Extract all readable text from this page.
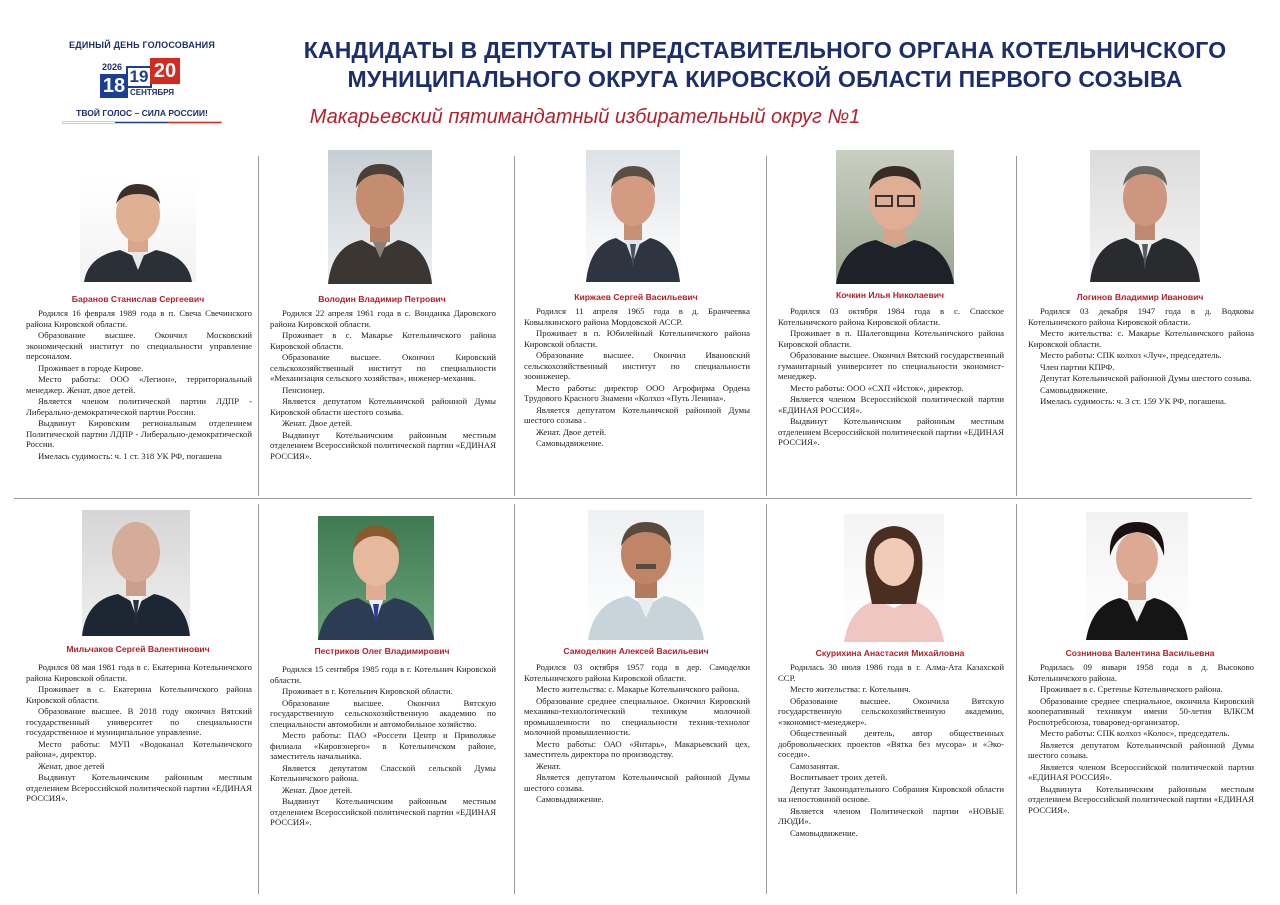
ЕДИНЫЙ ДЕНЬ ГОЛОСОВАНИЯ
2026
18 19 20
СЕНТЯБРЯ
ТВОЙ ГОЛОС – СИЛА РОССИИ!
КАНДИДАТЫ В ДЕПУТАТЫ ПРЕДСТАВИТЕЛЬНОГО ОРГАНА КОТЕЛЬНИЧСКОГО
МУНИЦИПАЛЬНОГО ОКРУГА КИРОВСКОЙ ОБЛАСТИ ПЕРВОГО СОЗЫВА
Макарьевский пятимандатный избирательный округ №1
Баранов Станислав Сергеевич

Родился 16 февраля 1989 года в п. Свеча Свечинского района Кировской области.

Образование высшее. Окончил Московский экономический институт по специальности управление персоналом.

Проживает в городе Кирове.

Место работы: ООО «Легион», территориальный менеджер. Женат, двое детей.

Является членом политической партии ЛДПР - Либерально-демократической партии России.

Выдвинут Кировским региональным отделением Политической партии ЛДПР - Либерально-демократической России.

Имелась судимость: ч. 1 ст. 318 УК РФ, погашена

Володин Владимир Петрович

Родился 22 апреля 1961 года в с. Вонданка Даровского района Кировской области.

Проживает в с. Макарье Котельничского района Кировской области.

Образование высшее. Окончил Кировский сельскохозяйственный институт по специальности «Механизация сельского хозяйства», инженер-механик.

Пенсионер.

Является депутатом Котельничской районной Думы Кировской области шестого созыва.

Женат. Двое детей.

Выдвинут Котельничским районным местным отделением Всероссийской политической партии «ЕДИНАЯ РОССИЯ».

Киржаев Сергей Васильевич

Родился 11 апреля 1965 года в д. Бранчеевка Ковылкинского района Мордовской АССР.

Проживает в п. Юбилейный Котельничского района Кировской области.

Образование высшее. Окончил Ивановский сельскохозяйственный институт по специальности зооинженер.

Место работы: директор ООО Агрофирма Ордена Трудового Красного Знамени «Колхоз «Путь Ленина».

Является депутатом Котельничской районной Думы шестого созыва .

Женат. Двое детей.

Самовыдвижение.

Кочкин Илья Николаевич

Родился 03 октября 1984 года в с. Спасское Котельничского района Кировской области.

Проживает в п. Шалеговщина Котельничского района Кировской области.

Образование высшее. Окончил Вятский государственный гуманитарный университет по специальности экономист-менеджер.

Место работы: ООО «СХП «Исток», директор.

Является членом Всероссийской политической партии «ЕДИНАЯ РОССИЯ».

Выдвинут Котельничским районным местным отделением Всероссийской политической партии «ЕДИНАЯ РОССИЯ».

Логинов Владимир Иванович

Родился 03 декабря 1947 года в д. Водковы Котельничского района Кировской области.

Место жительства: с. Макарье Котельничского района Кировской области.

Место работы: СПК колхоз «Луч», председатель.

Член партии КПРФ.

Депутат Котельничской районной Думы шестого созыва.

Самовыдвижение.

Имелась судимость: ч. 3 ст. 159 УК РФ, погашена.

Мильчаков Сергей Валентинович

Родился 08 мая 1981 года в с. Екатерина Котельничского района Кировской области.

Проживает в с. Екатерина Котельничского района Кировской области.

Образование высшее. В 2018 году окончил Вятский государственный университет по специальности государственное и муниципальное управление.

Место работы: МУП «Водоканал Котельничского района», директор.

Женат, двое детей

Выдвинут Котельничским районным местным отделением Всероссийской политической партии «ЕДИНАЯ РОССИЯ».

Пестриков Олег Владимирович

Родился 15 сентября 1985 года в г. Котельнич Кировской области.

Проживает в г. Котельнич Кировской области.

Образование высшее. Окончил Вятскую государственную сельскохозяйственную академию по специальности автомобили и автомобильное хозяйство.

Место работы: ПАО «Россети Центр и Приволжье филиала «Кировэнерго» в Котельничском районе, заместитель начальника.

Является депутатом Спасской сельской Думы Котельничского района.

Женат. Двое детей.

Выдвинут Котельничским районным местным отделением Всероссийской политической партии «ЕДИНАЯ РОССИЯ».

Самоделкин Алексей Васильевич

Родился 03 октября 1957 года в дер. Самоделки Котельничского района Кировской области.

Место жительства: с. Макарье Котельничского района.

Образование среднее специальное. Окончил Кировский механико-технологический техникум молочной промышленности по специальности техник-технолог молочной промышленности.

Место работы: ОАО «Янтарь», Макарьевский цех, заместитель директора по производству.

Женат.

Является депутатом Котельничской районной Думы шестого созыва.

Самовыдвижение.

Скурихина Анастасия Михайловна

Родилась 30 июля 1986 года в г. Алма-Ата Казахской ССР.

Место жительства: г. Котельнич.

Образование высшее. Окончила Вятскую государственную сельскохозяйственную академию, «экономист-менеджер».

Общественный деятель, автор общественных добровольческих проектов «Вятка без мусора» и «Эко-соседи».

Самозанятая.

Воспитывает троих детей.

Депутат Законодательного Собрания Кировской области на непостоянной основе.

Является членом Политической партии «НОВЫЕ ЛЮДИ».

Самовыдвижение.

Сознинова Валентина Васильевна

Родилась 09 января 1958 года в д. Высоково Котельничского района.

Проживает в с. Сретенье Котельничского района.

Образование среднее специальное, окончила Кировский кооперативный техникум имени 50-летия ВЛКСМ Роспотребсоюза, товаровед-организатор.

Место работы: СПК колхоз «Колос», председатель.

Является депутатом Котельничской районной Думы шестого созыва.

Является членом Всероссийской политической партии «ЕДИНАЯ РОССИЯ».

Выдвинута Котельничским районным местным отделением Всероссийской политической партии «ЕДИНАЯ РОССИЯ».
